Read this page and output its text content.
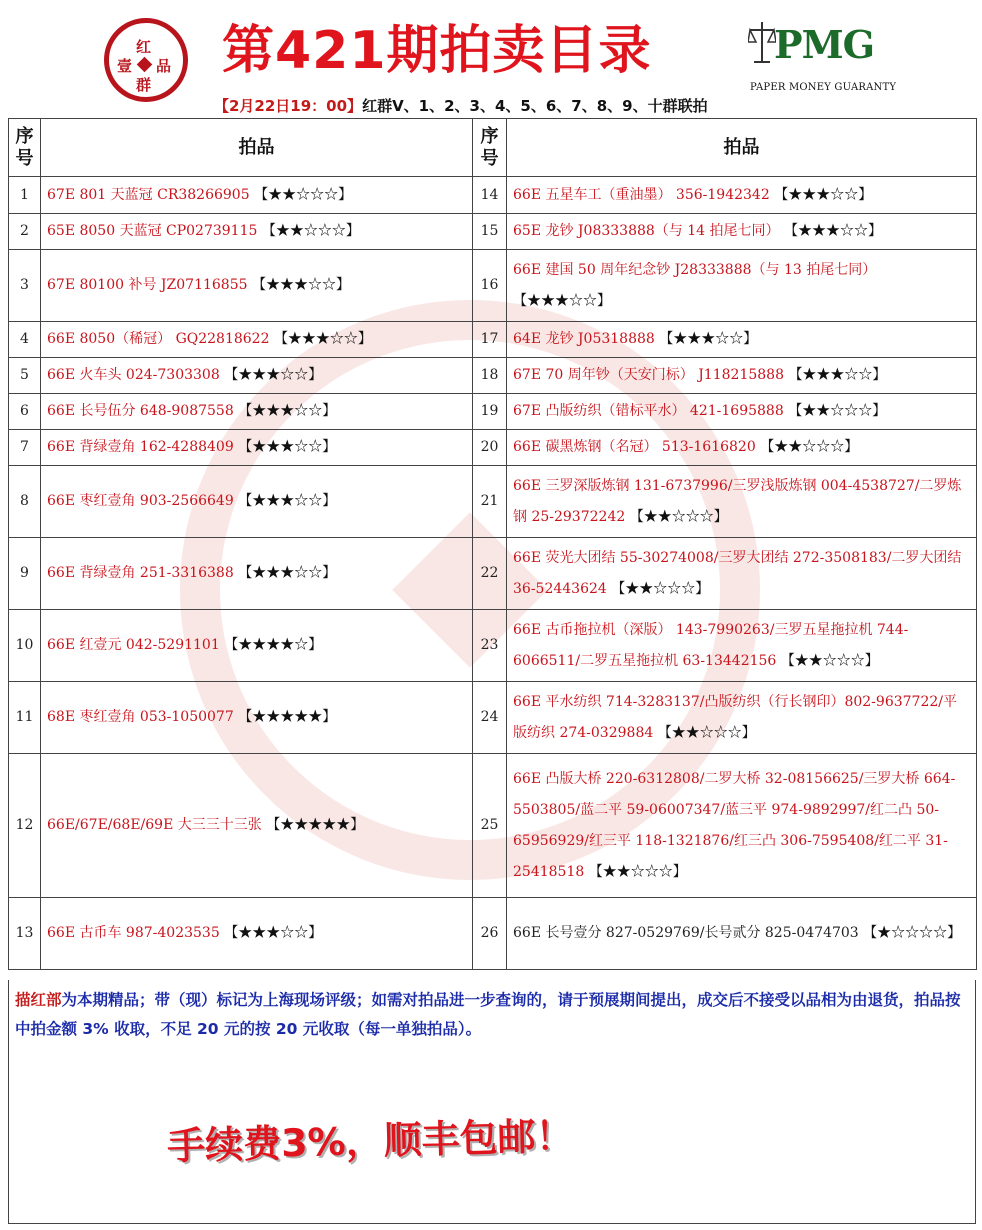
红
壹 品
群
第421期拍卖目录	PMG
PAPER MONEY GUARANTY
【2月22日19：00】红群Ⅴ、1、2、3、4、5、6、7、8、9、十群联拍
序号	拍品	序号	拍品
1	67E 801 天蓝冠 CR38266905 【★★☆☆☆】	14	66E 五星车工（重油墨） 356-1942342 【★★★☆☆】
2	65E 8050 天蓝冠 CP02739115 【★★☆☆☆】	15	65E 龙钞 J08333888（与 14 拍尾七同） 【★★★☆☆】
3	67E 80100 补号 JZ07116855 【★★★☆☆】	16	66E 建国 50 周年纪念钞 J28333888（与 13 拍尾七同） 【★★★☆☆】
4	66E 8050（稀冠） GQ22818622 【★★★☆☆】	17	64E 龙钞 J05318888 【★★★☆☆】
5	66E 火车头 024-7303308 【★★★☆☆】	18	67E 70 周年钞（天安门标） J118215888 【★★★☆☆】
6	66E 长号伍分 648-9087558 【★★★☆☆】	19	67E 凸版纺织（错标平水） 421-1695888 【★★☆☆☆】
7	66E 背绿壹角 162-4288409 【★★★☆☆】	20	66E 碳黑炼钢（名冠） 513-1616820 【★★☆☆☆】
8	66E 枣红壹角 903-2566649 【★★★☆☆】	21	66E 三罗深版炼钢 131-6737996/三罗浅版炼钢 004-4538727/二罗炼钢 25-29372242 【★★☆☆☆】
9	66E 背绿壹角 251-3316388 【★★★☆☆】	22	66E 荧光大团结 55-30274008/三罗大团结 272-3508183/二罗大团结 36-52443624 【★★☆☆☆】
10	66E 红壹元 042-5291101 【★★★★☆】	23	66E 古币拖拉机（深版） 143-7990263/三罗五星拖拉机 744-6066511/二罗五星拖拉机 63-13442156 【★★☆☆☆】
11	68E 枣红壹角 053-1050077 【★★★★★】	24	66E 平水纺织 714-3283137/凸版纺织（行长钢印）802-9637722/平版纺织 274-0329884 【★★☆☆☆】
12	66E/67E/68E/69E 大三三十三张 【★★★★★】	25	66E 凸版大桥 220-6312808/二罗大桥 32-08156625/三罗大桥 664-5503805/蓝二平 59-06007347/蓝三平 974-9892997/红二凸 50-65956929/红三平 118-1321876/红三凸 306-7595408/红二平 31-25418518 【★★☆☆☆】
13	66E 古币车 987-4023535 【★★★☆☆】	26	66E 长号壹分 827-0529769/长号贰分 825-0474703 【★☆☆☆☆】
描红部为本期精品；带（现）标记为上海现场评级；如需对拍品进一步查询的，请于预展期间提出，成交后不接受以品相为由退货，拍品按中拍金额 3% 收取，不足 20 元的按 20 元收取（每一单独拍品）。
手续费3%，顺丰包邮！
